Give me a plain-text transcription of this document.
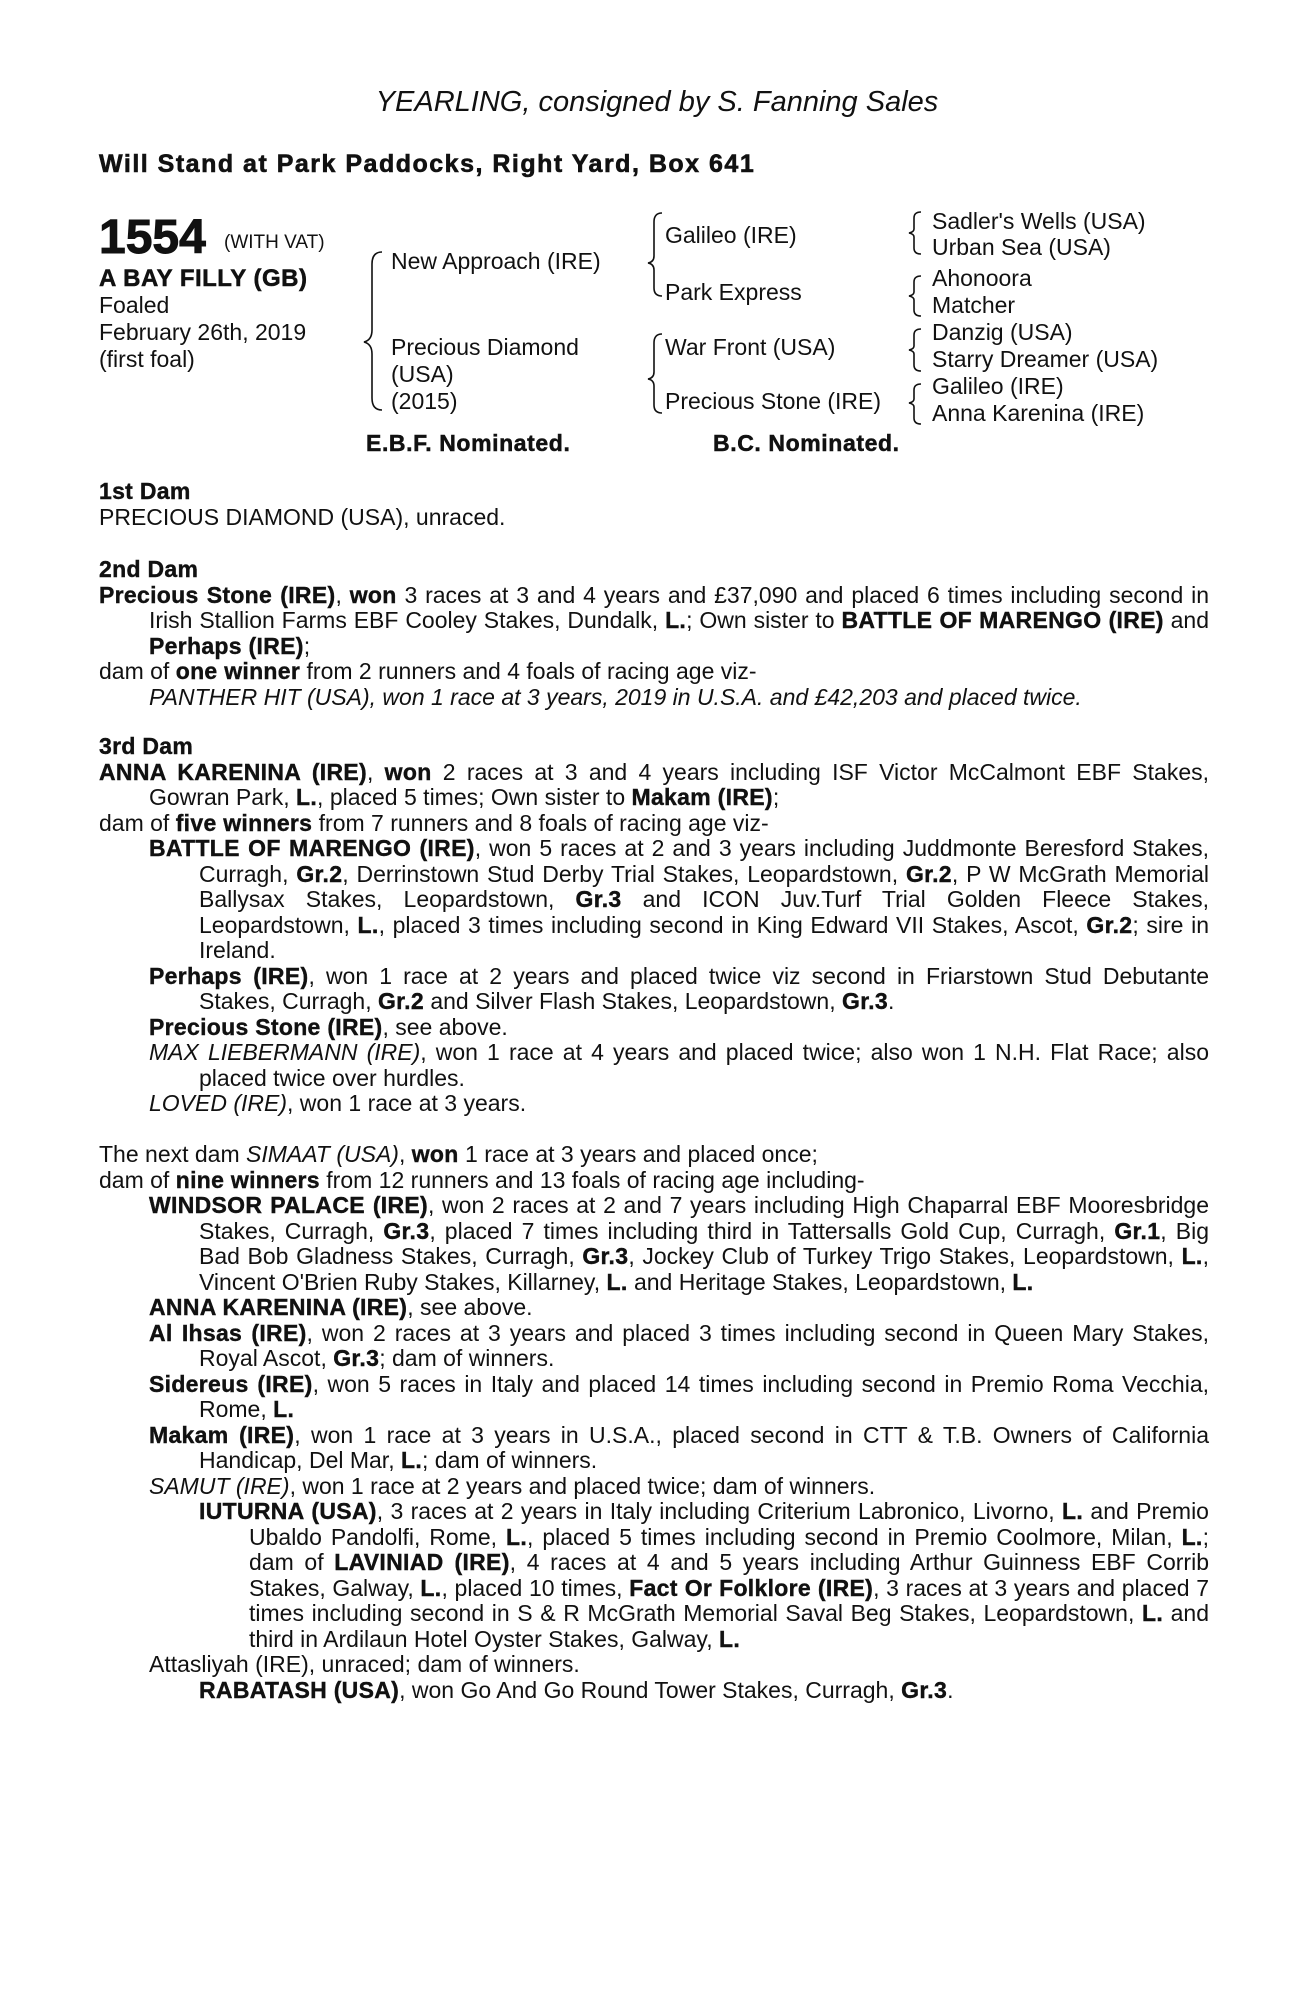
YEARLING, consigned by S. Fanning Sales
Will Stand at Park Paddocks, Right Yard, Box 641
1554 (WITH VAT)
A BAY FILLY (GB)
Foaled
February 26th, 2019
(first foal)
New Approach (IRE)
Precious Diamond
(USA)
(2015)
Galileo (IRE)
Park Express
War Front (USA)
Precious Stone (IRE)
Sadler's Wells (USA)
Urban Sea (USA)
Ahonoora
Matcher
Danzig (USA)
Starry Dreamer (USA)
Galileo (IRE)
Anna Karenina (IRE)
E.B.F. Nominated.	B.C. Nominated.
1st Dam

PRECIOUS DIAMOND (USA), unraced.

2nd Dam

Precious Stone (IRE), won 3 races at 3 and 4 years and £37,090 and placed 6 times including second in Irish Stallion Farms EBF Cooley Stakes, Dundalk, L.; Own sister to BATTLE OF MARENGO (IRE) and Perhaps (IRE);

dam of one winner from 2 runners and 4 foals of racing age viz-

PANTHER HIT (USA), won 1 race at 3 years, 2019 in U.S.A. and £42,203 and placed twice.

3rd Dam

ANNA KARENINA (IRE), won 2 races at 3 and 4 years including ISF Victor McCalmont EBF Stakes, Gowran Park, L., placed 5 times; Own sister to Makam (IRE);

dam of five winners from 7 runners and 8 foals of racing age viz-

BATTLE OF MARENGO (IRE), won 5 races at 2 and 3 years including Juddmonte Beresford Stakes, Curragh, Gr.2, Derrinstown Stud Derby Trial Stakes, Leopardstown, Gr.2, P W McGrath Memorial Ballysax Stakes, Leopardstown, Gr.3 and ICON Juv.Turf Trial Golden Fleece Stakes, Leopardstown, L., placed 3 times including second in King Edward VII Stakes, Ascot, Gr.2; sire in Ireland.

Perhaps (IRE), won 1 race at 2 years and placed twice viz second in Friarstown Stud Debutante Stakes, Curragh, Gr.2 and Silver Flash Stakes, Leopardstown, Gr.3.

Precious Stone (IRE), see above.

MAX LIEBERMANN (IRE), won 1 race at 4 years and placed twice; also won 1 N.H. Flat Race; also placed twice over hurdles.

LOVED (IRE), won 1 race at 3 years.

The next dam SIMAAT (USA), won 1 race at 3 years and placed once;

dam of nine winners from 12 runners and 13 foals of racing age including-

WINDSOR PALACE (IRE), won 2 races at 2 and 7 years including High Chaparral EBF Mooresbridge Stakes, Curragh, Gr.3, placed 7 times including third in Tattersalls Gold Cup, Curragh, Gr.1, Big Bad Bob Gladness Stakes, Curragh, Gr.3, Jockey Club of Turkey Trigo Stakes, Leopardstown, L., Vincent O'Brien Ruby Stakes, Killarney, L. and Heritage Stakes, Leopardstown, L.

ANNA KARENINA (IRE), see above.

Al Ihsas (IRE), won 2 races at 3 years and placed 3 times including second in Queen Mary Stakes, Royal Ascot, Gr.3; dam of winners.

Sidereus (IRE), won 5 races in Italy and placed 14 times including second in Premio Roma Vecchia, Rome, L.

Makam (IRE), won 1 race at 3 years in U.S.A., placed second in CTT & T.B. Owners of California Handicap, Del Mar, L.; dam of winners.

SAMUT (IRE), won 1 race at 2 years and placed twice; dam of winners.

IUTURNA (USA), 3 races at 2 years in Italy including Criterium Labronico, Livorno, L. and Premio Ubaldo Pandolfi, Rome, L., placed 5 times including second in Premio Coolmore, Milan, L.; dam of LAVINIAD (IRE), 4 races at 4 and 5 years including Arthur Guinness EBF Corrib Stakes, Galway, L., placed 10 times, Fact Or Folklore (IRE), 3 races at 3 years and placed 7 times including second in S & R McGrath Memorial Saval Beg Stakes, Leopardstown, L. and third in Ardilaun Hotel Oyster Stakes, Galway, L.

Attasliyah (IRE), unraced; dam of winners.

RABATASH (USA), won Go And Go Round Tower Stakes, Curragh, Gr.3.
